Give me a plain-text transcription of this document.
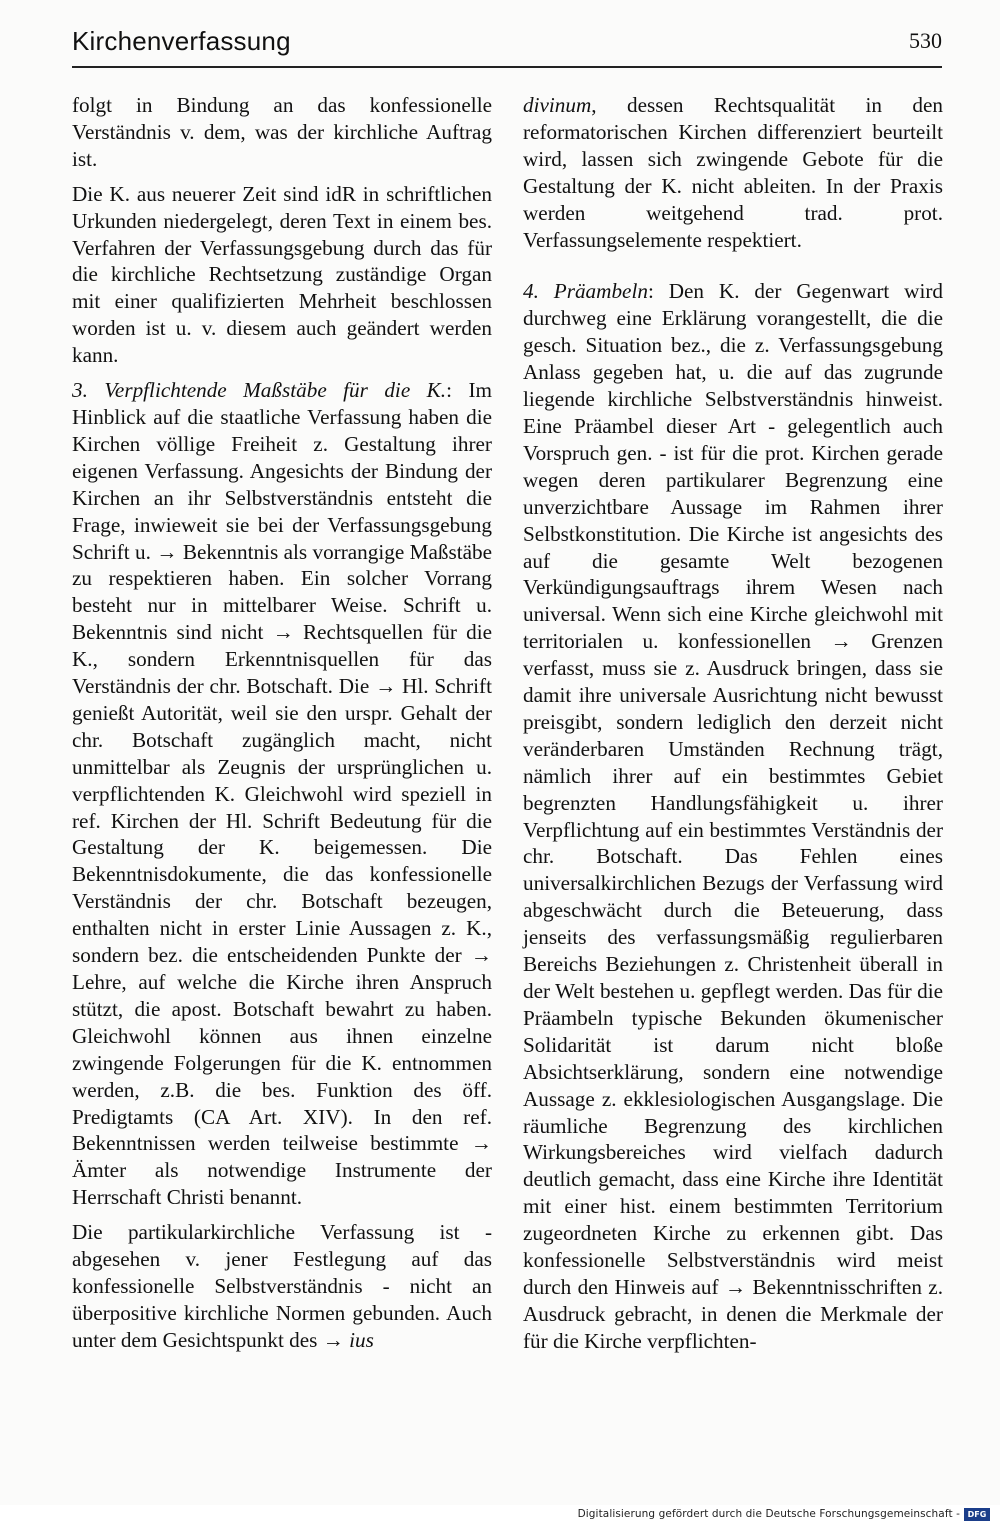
Kirchenverfassung	530

folgt in Bindung an das konfessionelle Verständnis v. dem, was der kirchliche Auftrag ist.

Die K. aus neuerer Zeit sind idR in schriftlichen Urkunden niedergelegt, deren Text in einem bes. Verfahren der Verfassungsgebung durch das für die kirchliche Rechtsetzung zuständige Organ mit einer qualifizierten Mehrheit beschlossen worden ist u. v. diesem auch geändert werden kann.

3. Verpflichtende Maßstäbe für die K.: Im Hinblick auf die staatliche Verfassung haben die Kirchen völlige Freiheit z. Gestaltung ihrer eigenen Verfassung. Angesichts der Bindung der Kirchen an ihr Selbstverständnis entsteht die Frage, inwieweit sie bei der Verfassungsgebung Schrift u. → Bekenntnis als vorrangige Maßstäbe zu respektieren haben. Ein solcher Vorrang besteht nur in mittelbarer Weise. Schrift u. Bekenntnis sind nicht → Rechtsquellen für die K., sondern Erkenntnisquellen für das Verständnis der chr. Botschaft. Die → Hl. Schrift genießt Autorität, weil sie den urspr. Gehalt der chr. Botschaft zugänglich macht, nicht unmittelbar als Zeugnis der ursprünglichen u. verpflichtenden K. Gleichwohl wird speziell in ref. Kirchen der Hl. Schrift Bedeutung für die Gestaltung der K. beigemessen. Die Bekenntnisdokumente, die das konfessionelle Verständnis der chr. Botschaft bezeugen, enthalten nicht in erster Linie Aussagen z. K., sondern bez. die entscheidenden Punkte der → Lehre, auf welche die Kirche ihren Anspruch stützt, die apost. Botschaft bewahrt zu haben. Gleichwohl können aus ihnen einzelne zwingende Folgerungen für die K. entnommen werden, z.B. die bes. Funktion des öff. Predigtamts (CA Art. XIV). In den ref. Bekenntnissen werden teilweise bestimmte → Ämter als notwendige Instrumente der Herrschaft Christi benannt.

Die partikularkirchliche Verfassung ist - abgesehen v. jener Festlegung auf das konfessionelle Selbstverständnis - nicht an überpositive kirchliche Normen gebunden. Auch unter dem Gesichtspunkt des → ius

divinum, dessen Rechtsqualität in den reformatorischen Kirchen differenziert beurteilt wird, lassen sich zwingende Gebote für die Gestaltung der K. nicht ableiten. In der Praxis werden weitgehend trad. prot. Verfassungselemente respektiert.

4. Präambeln: Den K. der Gegenwart wird durchweg eine Erklärung vorangestellt, die die gesch. Situation bez., die z. Verfassungsgebung Anlass gegeben hat, u. die auf das zugrunde liegende kirchliche Selbstverständnis hinweist. Eine Präambel dieser Art - gelegentlich auch Vorspruch gen. - ist für die prot. Kirchen gerade wegen deren partikularer Begrenzung eine unverzichtbare Aussage im Rahmen ihrer Selbstkonstitution. Die Kirche ist angesichts des auf die gesamte Welt bezogenen Verkündigungsauftrags ihrem Wesen nach universal. Wenn sich eine Kirche gleichwohl mit territorialen u. konfessionellen → Grenzen verfasst, muss sie z. Ausdruck bringen, dass sie damit ihre universale Ausrichtung nicht bewusst preisgibt, sondern lediglich den derzeit nicht veränderbaren Umständen Rechnung trägt, nämlich ihrer auf ein bestimmtes Gebiet begrenzten Handlungsfähigkeit u. ihrer Verpflichtung auf ein bestimmtes Verständnis der chr. Botschaft. Das Fehlen eines universalkirchlichen Bezugs der Verfassung wird abgeschwächt durch die Beteuerung, dass jenseits des verfassungsmäßig regulierbaren Bereichs Beziehungen z. Christenheit überall in der Welt bestehen u. gepflegt werden. Das für die Präambeln typische Bekunden ökumenischer Solidarität ist darum nicht bloße Absichtserklärung, sondern eine notwendige Aussage z. ekklesiologischen Ausgangslage. Die räumliche Begrenzung des kirchlichen Wirkungsbereiches wird vielfach dadurch deutlich gemacht, dass eine Kirche ihre Identität mit einer hist. einem bestimmten Territorium zugeordneten Kirche zu erkennen gibt. Das konfessionelle Selbstverständnis wird meist durch den Hinweis auf → Bekenntnisschriften z. Ausdruck gebracht, in denen die Merkmale der für die Kirche verpflichten-

Digitalisierung gefördert durch die Deutsche Forschungsgemeinschaft - DFG
